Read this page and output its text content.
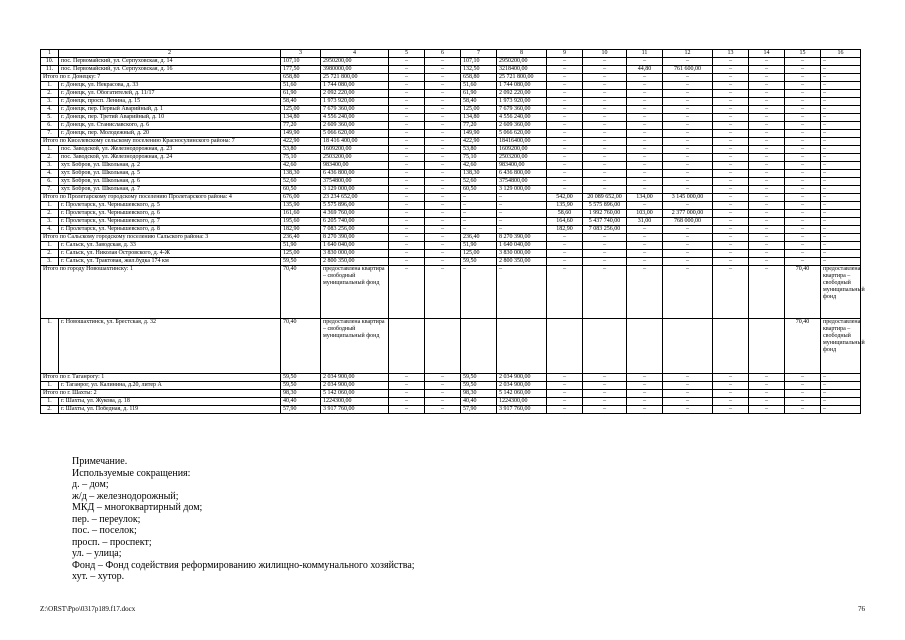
1	2	3	4	5	6	7	8	9	10	11	12	13	14	15	16
10.	пос. Первомайский, ул. Серпуховская, д. 14	107,10	2950200,00	–	–	107,10	2950200,00	–	–	–	–	–	–	–	–
11.	пос. Первомайский, ул. Серпуховская, д. 16	177,50	3980000,00	–	–	132,50	3218400,00	–	–	44,80	761 600,00	–	–	–	–
Итого по г. Донецку: 7		658,80	25 721 800,00	–	–	658,80	25 721 800,00	–	–	–	–	–	–	–	–
1.	г. Донецк, ул. Некрасова, д. 33	51,60	1 744 080,00	–	–	51,60	1 744 080,00	–	–	–	–	–	–	–	–
2.	г. Донецк, ул. Обогатителей, д. 11/17	61,90	2 092 220,00	–	–	61,90	2 092 220,00	–	–	–	–	–	–	–	–
3.	г. Донецк, просп. Ленина, д. 15	58,40	1 973 920,00	–	–	58,40	1 973 920,00	–	–	–	–	–	–	–	–
4.	г. Донецк, пер. Первый Аварийный, д. 1	125,00	7 679 360,00	–	–	125,00	7 679 360,00	–	–	–	–	–	–	–	–
5.	г. Донецк, пер. Третий Аварийный, д. 10	134,80	4 556 240,00	–	–	134,80	4 556 240,00	–	–	–	–	–	–	–	–
6.	г. Донецк, ул. Станиславского, д. 6	77,20	2 609 360,00	–	–	77,20	2 609 360,00	–	–	–	–	–	–	–	–
7.	г. Донецк, пер. Молодежный, д. 20	149,90	5 066 620,00	–	–	149,90	5 066 620,00	–	–	–	–	–	–	–	–
Итого по Киселевскому сельскому поселению Красносулинского района: 7		422,90	18 416 400,00	–	–	422,90	18416400,00	–	–	–	–	–	–	–	–
1.	пос. Заводской, ул. Железнодорожная, д. 23	53,80	1609200,00	–	–	53,80	1609200,00	–	–	–	–	–	–	–	–
2.	пос. Заводской, ул. Железнодорожная, д. 24	75,10	2503200,00	–	–	75,10	2503200,00	–	–	–	–	–	–	–	–
3.	хут. Бобров, ул. Школьная, д. 2	42,60	983400,00	–	–	42,60	983400,00	–	–	–	–	–	–	–	–
4.	хут. Бобров, ул. Школьная, д. 5	138,30	6 436 800,00	–	–	138,30	6 436 800,00	–	–	–	–	–	–	–	–
6.	хут. Бобров, ул. Школьная, д. 6	52,60	3754800,00	–	–	52,60	3754800,00	–	–	–	–	–	–	–	–
7.	хут. Бобров, ул. Школьная, д. 7	60,50	3 129 000,00	–	–	60,50	3 129 000,00	–	–	–	–	–	–	–	–
Итого по Пролетарскому городскому поселению Пролетарского района: 4		676,00	23 234 652,00	–	–	–	–	542,00	20 089 652,00	134,00	3 145 000,00	–	–	–	–
1.	г. Пролетарск, ул. Чернышевского, д. 5	135,90	5 575 896,00	–	–	–	–	135,90	5 575 896,00	–	–	–	–	–	–
2.	г. Пролетарск, ул. Чернышевского, д. 6	161,60	4 369 760,00	–	–	–	–	58,60	1 992 760,00	103,00	2 377 000,00	–	–	–	–
3.	г. Пролетарск, ул. Чернышевского, д. 7	195,60	6 205 740,00	–	–	–	–	164,60	5 437 740,00	31,00	768 000,00	–	–	–	–
4.	г. Пролетарск, ул. Чернышевского, д. 8	182,90	7 083 256,00	–	–	–	–	182,90	7 083 256,00	–	–	–	–	–	–
Итого по Сальскому городскому поселению Сальского района: 3		236,40	8 270 390,00	–	–	236,40	8 270 390,00	–	–	–	–	–	–	–	–
1.	г. Сальск, ул. Заводская, д. 33	51,90	1 640 040,00	–	–	51,90	1 640 040,00	–	–	–	–	–	–	–	–
2.	г. Сальск, ул. Николая Островского, д. 4-Ж	125,00	3 830 000,00	–	–	125,00	3 830 000,00	–	–	–	–	–	–	–	–
3.	г. Сальск, ул. Трактовая, жил.будка 174 км	59,50	2 800 350,00	–	–	59,50	2 800 350,00	–	–	–	–	–	–	–	–
Итого по городу Новошахтинску: 1		70,40	предоставлена квартира – свободный муниципальный фонд	–	–	–	–	–	–	–	–	–	–	70,40	предоставлена квартира – свободный муниципальный фонд
1.	г. Новошахтинск, ул. Брестская, д. 32	70,40	предоставлена квартира – свободный муниципальный фонд											70,40	предоставлена квартира – свободный муниципальный фонд
Итого по г. Таганрогу: 1		59,50	2 034 900,00	–	–	59,50	2 034 900,00	–	–	–	–	–	–	–	–
1.	г. Таганрог, ул. Калинина, д.20, литер А	59,50	2 034 900,00	–	–	59,50	2 034 900,00	–	–	–	–	–	–	–	–
Итого по г. Шахты: 2		98,30	5 142 060,00	–	–	98,30	5 142 060,00	–	–	–	–	–	–	–	–
1.	г. Шахты, ул. Жукова, д. 18	40,40	1224300,00	–	–	40,40	1224300,00	–	–	–	–	–	–	–	–
2.	г. Шахты, ул. Победная, д. 119	57,90	3 917 760,00	–	–	57,90	3 917 760,00	–	–	–	–	–	–	–	–
Примечание.
Используемые сокращения:
д. – дом;
ж/д – железнодорожный;
МКД – многоквартирный дом;
пер. – переулок;
пос. – поселок;
просп. – проспект;
ул. – улица;
Фонд – Фонд содействия реформированию жилищно-коммунального хозяйства;
хут. – хутор.
Z:\ORST\Ppo\0317p189.f17.docx	76
